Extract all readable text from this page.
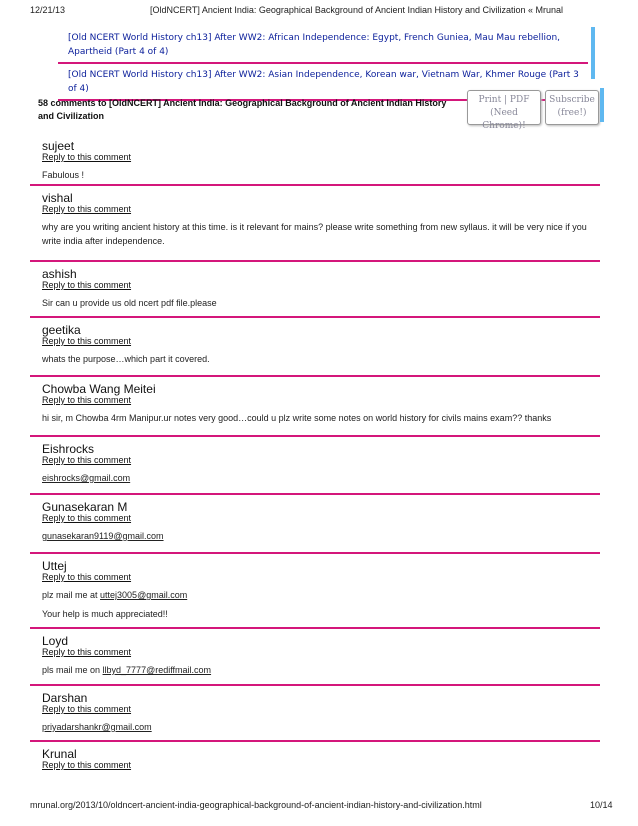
12/21/13	[OldNCERT] Ancient India: Geographical Background of Ancient Indian History and Civilization « Mrunal
[Old NCERT World History ch13] After WW2: African Independence: Egypt, French Guniea, Mau Mau rebellion, Apartheid (Part 4 of 4)
[Old NCERT World History ch13] After WW2: Asian Independence, Korean war, Vietnam War, Khmer Rouge (Part 3 of 4)
58 comments to [OldNCERT] Ancient India: Geographical Background of Ancient Indian History and Civilization
Print | PDF
(Need Chrome)!
Subscribe
(free!)
sujeet
Reply to this comment
Fabulous !
vishal
Reply to this comment
why are you writing ancient history at this time. is it relevant for mains? please write something from new syllaus. it will be very nice if you write india after independence.
ashish
Reply to this comment
Sir can u provide us old ncert pdf file.please
geetika
Reply to this comment
whats the purpose…which part it covered.
Chowba Wang Meitei
Reply to this comment
hi sir, m Chowba 4rm Manipur.ur notes very good…could u plz write some notes on world history for civils mains exam?? thanks
Eishrocks
Reply to this comment
eishrocks@gmail.com
Gunasekaran M
Reply to this comment
gunasekaran9119@gmail.com
Uttej
Reply to this comment

plz mail me at uttej3005@gmail.com

Your help is much appreciated!!

Loyd
Reply to this comment
pls mail me on llbyd_7777@rediffmail.com
Darshan
Reply to this comment
priyadarshankr@gmail.com
Krunal
Reply to this comment
mrunal.org/2013/10/oldncert-ancient-india-geographical-background-of-ancient-indian-history-and-civilization.html	10/14
